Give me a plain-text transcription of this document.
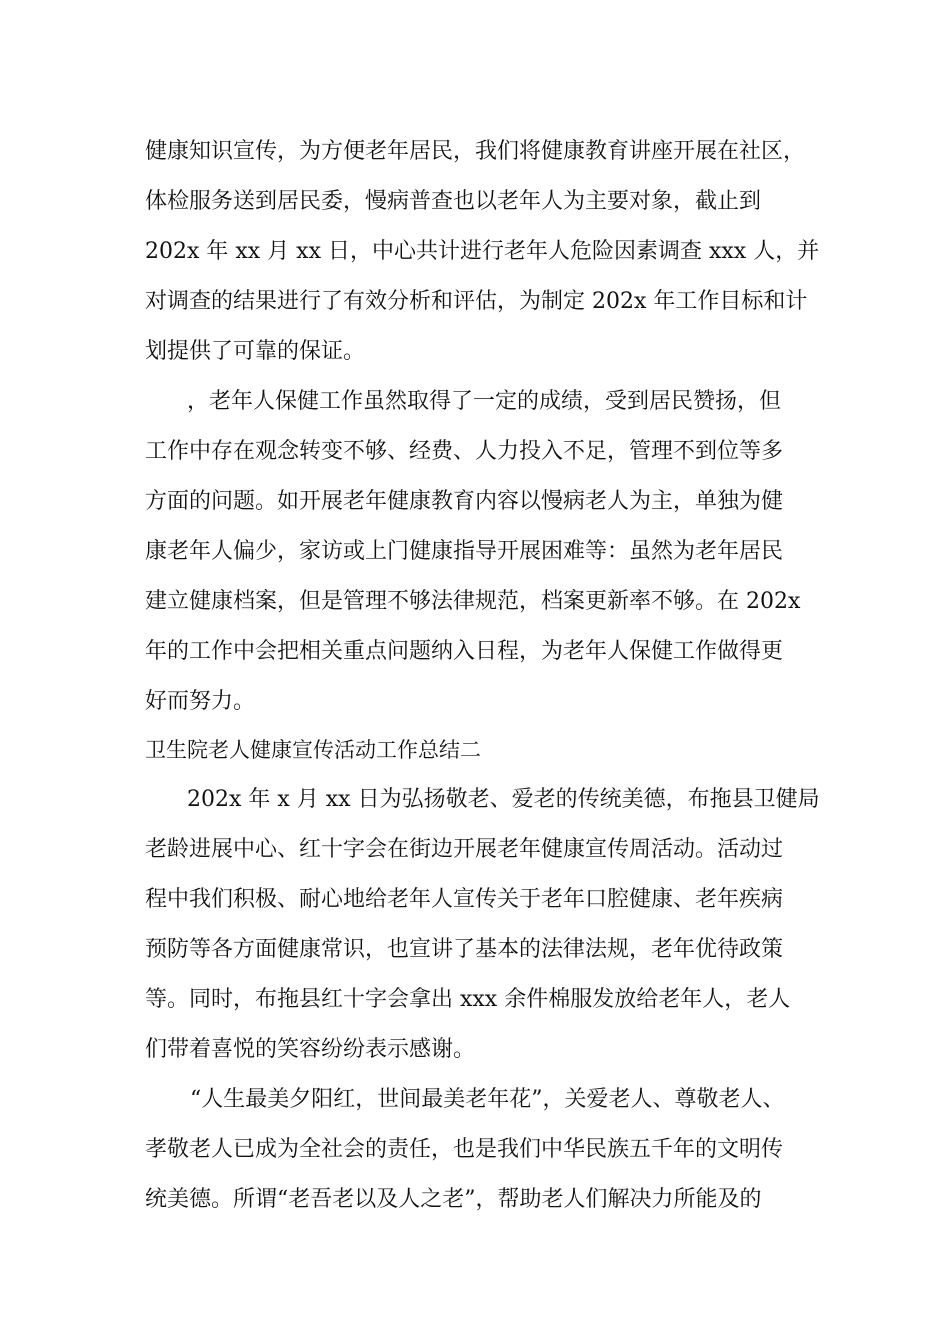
健康知识宣传，为方便老年居民，我们将健康教育讲座开展在社区，
体检服务送到居民委，慢病普查也以老年人为主要对象，截止到
202x 年 xx 月 xx 日，中心共计进行老年人危险因素调查 xxx 人，并
对调查的结果进行了有效分析和评估，为制定 202x 年工作目标和计
划提供了可靠的保证。
，老年人保健工作虽然取得了一定的成绩，受到居民赞扬，但
工作中存在观念转变不够、经费、人力投入不足，管理不到位等多
方面的问题。如开展老年健康教育内容以慢病老人为主，单独为健
康老年人偏少，家访或上门健康指导开展困难等：虽然为老年居民
建立健康档案，但是管理不够法律规范，档案更新率不够。在 202x
年的工作中会把相关重点问题纳入日程，为老年人保健工作做得更
好而努力。
卫生院老人健康宣传活动工作总结二
202x 年 x 月 xx 日为弘扬敬老、爱老的传统美德，布拖县卫健局
老龄进展中心、红十字会在街边开展老年健康宣传周活动。活动过
程中我们积极、耐心地给老年人宣传关于老年口腔健康、老年疾病
预防等各方面健康常识，也宣讲了基本的法律法规，老年优待政策
等。同时，布拖县红十字会拿出 xxx 余件棉服发放给老年人，老人
们带着喜悦的笑容纷纷表示感谢。
“人生最美夕阳红，世间最美老年花”，关爱老人、尊敬老人、
孝敬老人已成为全社会的责任，也是我们中华民族五千年的文明传
统美德。所谓“老吾老以及人之老”，帮助老人们解决力所能及的
